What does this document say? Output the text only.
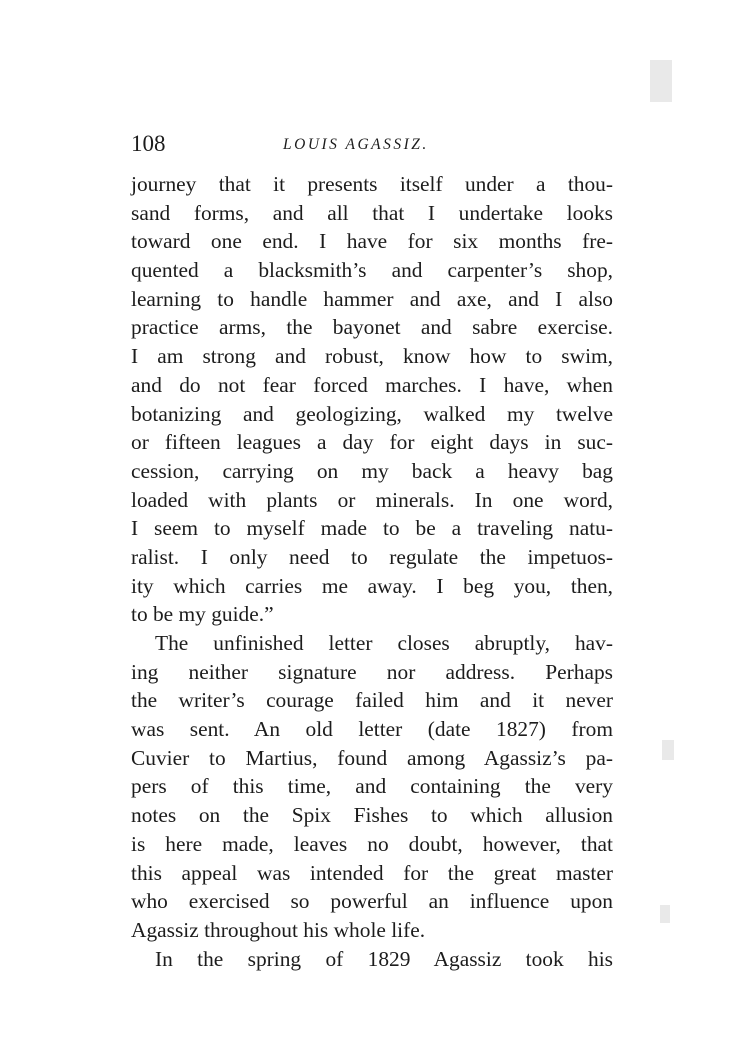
108	LOUIS AGASSIZ.
journey that it presents itself under a thou-
sand forms, and all that I undertake looks
toward one end. I have for six months fre-
quented a blacksmith’s and carpenter’s shop,
learning to handle hammer and axe, and I also
practice arms, the bayonet and sabre exercise.
I am strong and robust, know how to swim,
and do not fear forced marches. I have, when
botanizing and geologizing, walked my twelve
or fifteen leagues a day for eight days in suc-
cession, carrying on my back a heavy bag
loaded with plants or minerals. In one word,
I seem to myself made to be a traveling natu-
ralist. I only need to regulate the impetuos-
ity which carries me away. I beg you, then,
to be my guide.”
The unfinished letter closes abruptly, hav-
ing neither signature nor address. Perhaps
the writer’s courage failed him and it never
was sent. An old letter (date 1827) from
Cuvier to Martius, found among Agassiz’s pa-
pers of this time, and containing the very
notes on the Spix Fishes to which allusion
is here made, leaves no doubt, however, that
this appeal was intended for the great master
who exercised so powerful an influence upon
Agassiz throughout his whole life.
In the spring of 1829 Agassiz took his
